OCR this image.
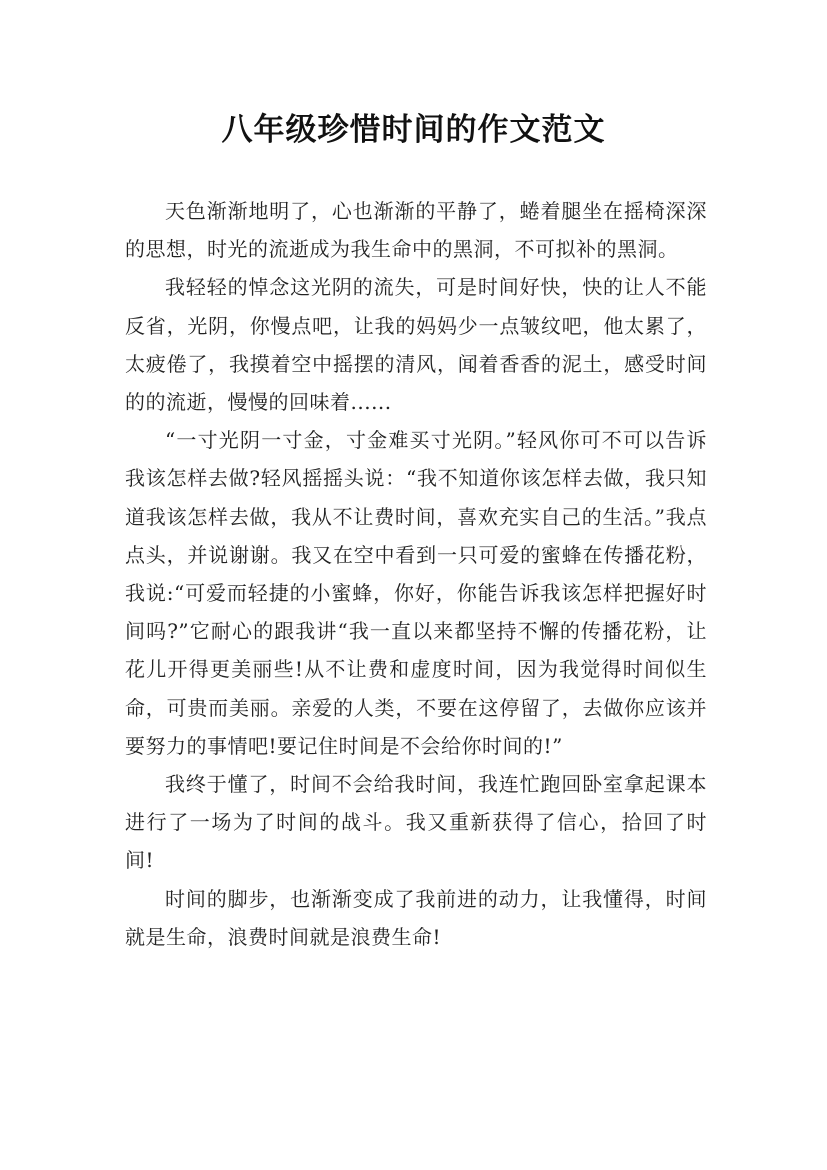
八年级珍惜时间的作文范文

天色渐渐地明了，心也渐渐的平静了，蜷着腿坐在摇椅深深的思想，时光的流逝成为我生命中的黑洞，不可拟补的黑洞。

我轻轻的悼念这光阴的流失，可是时间好快，快的让人不能反省，光阴，你慢点吧，让我的妈妈少一点皱纹吧，他太累了，太疲倦了，我摸着空中摇摆的清风，闻着香香的泥土，感受时间的的流逝，慢慢的回味着......

“一寸光阴一寸金，寸金难买寸光阴。”轻风你可不可以告诉我该怎样去做?轻风摇摇头说：“我不知道你该怎样去做，我只知道我该怎样去做，我从不让费时间，喜欢充实自己的生活。”我点点头，并说谢谢。我又在空中看到一只可爱的蜜蜂在传播花粉，我说:“可爱而轻捷的小蜜蜂，你好，你能告诉我该怎样把握好时间吗?”它耐心的跟我讲“我一直以来都坚持不懈的传播花粉，让花儿开得更美丽些!从不让费和虚度时间，因为我觉得时间似生命，可贵而美丽。亲爱的人类，不要在这停留了，去做你应该并要努力的事情吧!要记住时间是不会给你时间的!”

我终于懂了，时间不会给我时间，我连忙跑回卧室拿起课本进行了一场为了时间的战斗。我又重新获得了信心，拾回了时间!

时间的脚步，也渐渐变成了我前进的动力，让我懂得，时间就是生命，浪费时间就是浪费生命!
